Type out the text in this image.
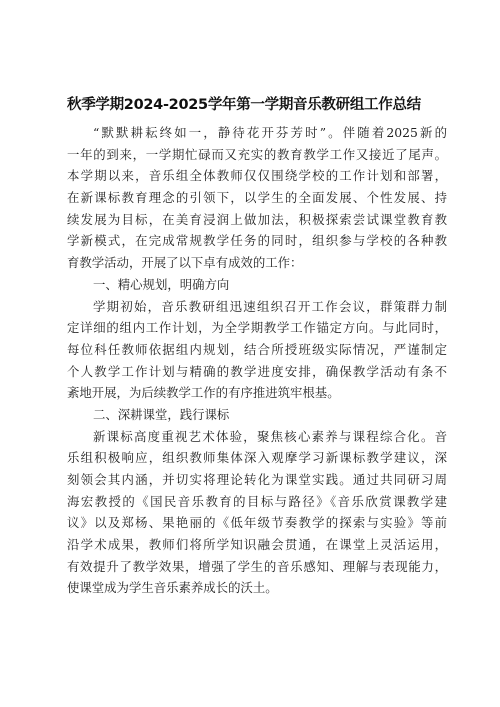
秋季学期2024-2025学年第一学期音乐教研组工作总结
“默默耕耘终如一，静待花开芬芳时”。伴随着2025新的
一年的到来，一学期忙碌而又充实的教育教学工作又接近了尾声。
本学期以来，音乐组全体教师仅仅围绕学校的工作计划和部署，
在新课标教育理念的引领下，以学生的全面发展、个性发展、持
续发展为目标，在美育浸润上做加法，积极探索尝试课堂教育教
学新模式，在完成常规教学任务的同时，组织参与学校的各种教
育教学活动，开展了以下卓有成效的工作：
一、精心规划，明确方向
学期初始，音乐教研组迅速组织召开工作会议，群策群力制
定详细的组内工作计划，为全学期教学工作锚定方向。与此同时，
每位科任教师依据组内规划，结合所授班级实际情况，严谨制定
个人教学工作计划与精确的教学进度安排，确保教学活动有条不
紊地开展，为后续教学工作的有序推进筑牢根基。
二、深耕课堂，践行课标
新课标高度重视艺术体验，聚焦核心素养与课程综合化。音
乐组积极响应，组织教师集体深入观摩学习新课标教学建议，深
刻领会其内涵，并切实将理论转化为课堂实践。通过共同研习周
海宏教授的《国民音乐教育的目标与路径》《音乐欣赏课教学建
议》以及郑杨、果艳丽的《低年级节奏教学的探索与实验》等前
沿学术成果，教师们将所学知识融会贯通，在课堂上灵活运用，
有效提升了教学效果，增强了学生的音乐感知、理解与表现能力，
使课堂成为学生音乐素养成长的沃土。
